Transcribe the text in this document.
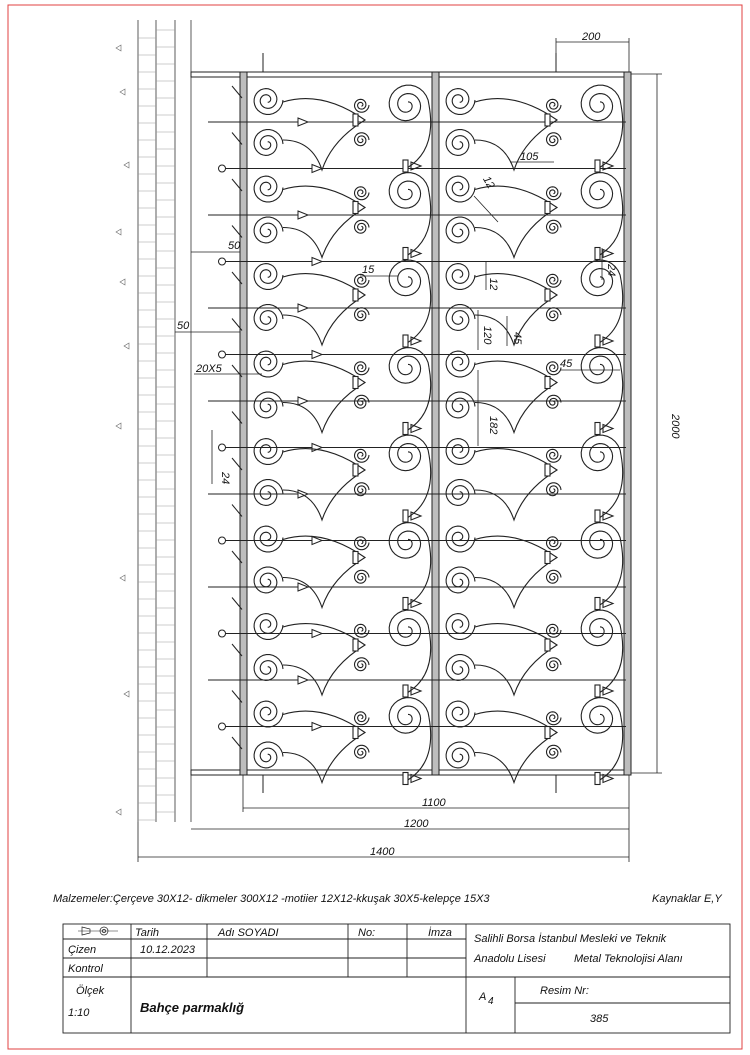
200
105
12
50
15
12
24
50	120 45
20X5	45
182
24
2000
1100
1200
1400
Malzemeler:Çerçeve 30X12- dikmeler 300X12 -motiier 12X12-kkuşak 30X5-kelepçe 15X3	Kaynaklar E,Y
Tarih	Adı SOYADI	No:	İmza
Çizen	10.12.2023
Kontrol
Salihli Borsa İstanbul Mesleki ve Teknik
Anadolu Lisesi	Metal Teknolojisi Alanı
Ölçek
1:10	Bahçe parmaklığ
A 4
Resim Nr:
385
